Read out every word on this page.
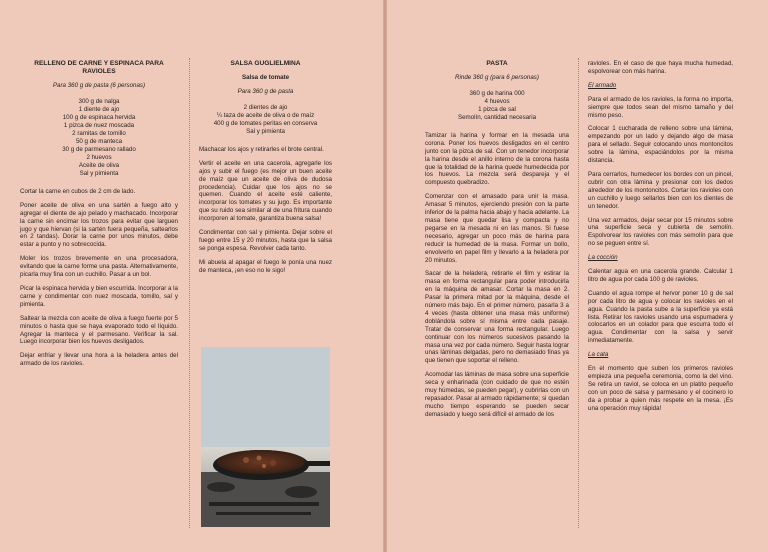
RELLENO DE CARNE Y ESPINACA PARA RAVIOLES

Para 360 g de pasta (6 personas)

300 g de nalga
1 diente de ajo
100 g de espinaca hervida
1 pizca de nuez moscada
2 ramitas de tomillo
50 g de manteca
30 g de parmesano rallado
2 huevos
Aceite de oliva
Sal y pimienta

Cortar la carne en cubos de 2 cm de lado.

Poner aceite de oliva en una sartén a fuego alto y agregar el diente de ajo pelado y machacado. Incorporar la carne sin encimar los trozos para evitar que larguen jugo y que hiervan (si la sartén fuera pequeña, saltearlos en 2 tandas). Dorar la carne por unos minutos, debe estar a punto y no sobrecocida.

Moler los trozos brevemente en una procesadora, evitando que la carne forme una pasta. Alternativamente, picarla muy fina con un cuchillo. Pasar a un bol.

Picar la espinaca hervida y bien escurrida. Incorporar a la carne y condimentar con nuez moscada, tomillo, sal y pimienta.

Saltear la mezcla con aceite de oliva a fuego fuerte por 5 minutos o hasta que se haya evaporado todo el líquido. Agregar la manteca y el parmesano. Verificar la sal. Luego incorporar bien los huevos desligados.

Dejar enfriar y llevar una hora a la heladera antes del armado de los ravioles.

SALSA GUGLIELMINA

Salsa de tomate

Para 360 g de pasta

2 dientes de ajo
¼ taza de aceite de oliva o de maíz
400 g de tomates peritas en conserva
Sal y pimienta

Machacar los ajos y retirarles el brote central.

Vertir el aceite en una cacerola, agregarle los ajos y subir el fuego (es mejor un buen aceite de maíz que un aceite de oliva de dudosa procedencia). Cuidar que los ajos no se quemen. Cuando el aceite esté caliente, incorporar los tomates y su jugo. Es importante que su ruido sea similar al de una fritura cuando incorporen al tomate, garantiza buena salsa!

Condimentar con sal y pimienta. Dejar sobre el fuego entre 15 y 20 minutos, hasta que la salsa se ponga espesa. Revolver cada tanto.

Mi abuela al apagar el fuego le ponía una nuez de manteca, ¡en eso no le sigo!

PASTA

Rinde 360 g (para 6 personas)

360 g de harina 000
4 huevos
1 pizca de sal
Semolín, cantidad necesaria

Tamizar la harina y formar en la mesada una corona. Poner los huevos desligados en el centro junto con la pizca de sal. Con un tenedor incorporar la harina desde el anillo interno de la corona hasta que la totalidad de la harina quede humedecida por los huevos. La mezcla será despareja y el compuesto quebradizo.

Comenzar con el amasado para unir la masa. Amasar 5 minutos, ejerciendo presión con la parte inferior de la palma hacia abajo y hacia adelante. La masa tiene que quedar lisa y compacta y no pegarse en la mesada ni en las manos. Si fuese necesario, agregar un poco más de harina para reducir la humedad de la masa. Formar un bollo, envolverlo en papel film y llevarlo a la heladera por 20 minutos.

Sacar de la heladera, retirarle el film y estirar la masa en forma rectangular para poder introducirla en la máquina de amasar. Cortar la masa en 2. Pasar la primera mitad por la máquina, desde el número más bajo. En el primer número, pasarla 3 a 4 veces (hasta obtener una masa más uniforme) doblándola sobre sí misma entre cada pasaje. Tratar de conservar una forma rectangular. Luego continuar con los números sucesivos pasando la masa una vez por cada número. Seguir hasta lograr unas láminas delgadas, pero no demasiado finas ya que tienen que soportar el relleno.

Acomodar las láminas de masa sobre una superficie seca y enharinada (con cuidado de que no estén muy húmedas, se pueden pegar), y cubrirlas con un repasador. Pasar al armado rápidamente; si quedan mucho tiempo esperando se pueden secar demasiado y luego será difícil el armado de los

ravioles. En el caso de que haya mucha humedad, espolvorear con más harina.

El armado

Para el armado de los ravioles, la forma no importa, siempre que todos sean del mismo tamaño y del mismo peso.

Colocar 1 cucharada de relleno sobre una lámina, empezando por un lado y dejando algo de masa para el sellado. Seguir colocando unos montoncitos sobre la lámina, espaciándolos por la misma distancia.

Para cerrarlos, humedecer los bordes con un pincel, cubrir con otra lámina y presionar con los dedos alrededor de los montoncitos. Cortar los ravioles con un cuchillo y luego sellarlos bien con los dientes de un tenedor.

Una vez armados, dejar secar por 15 minutos sobre una superficie seca y cubierta de semolín. Espolvorear los ravioles con más semolín para que no se peguen entre sí.

La cocción

Calentar agua en una cacerola grande. Calcular 1 litro de agua por cada 100 g de ravioles.

Cuando el agua rompe el hervor poner 10 g de sal por cada litro de agua y colocar los ravioles en el agua. Cuando la pasta sube a la superficie ya está lista. Retirar los ravioles usando una espumadera y colocarlos en un colador para que escurra todo el agua. Condimentar con la salsa y servir inmediatamente.

La cata

En el momento que suben los primeros ravioles empieza una pequeña ceremonia, como la del vino. Se retira un raviol, se coloca en un platito pequeño con un poco de salsa y parmesano y el cocinero lo da a probar a quien más respete en la mesa. ¡Es una operación muy rápida!
